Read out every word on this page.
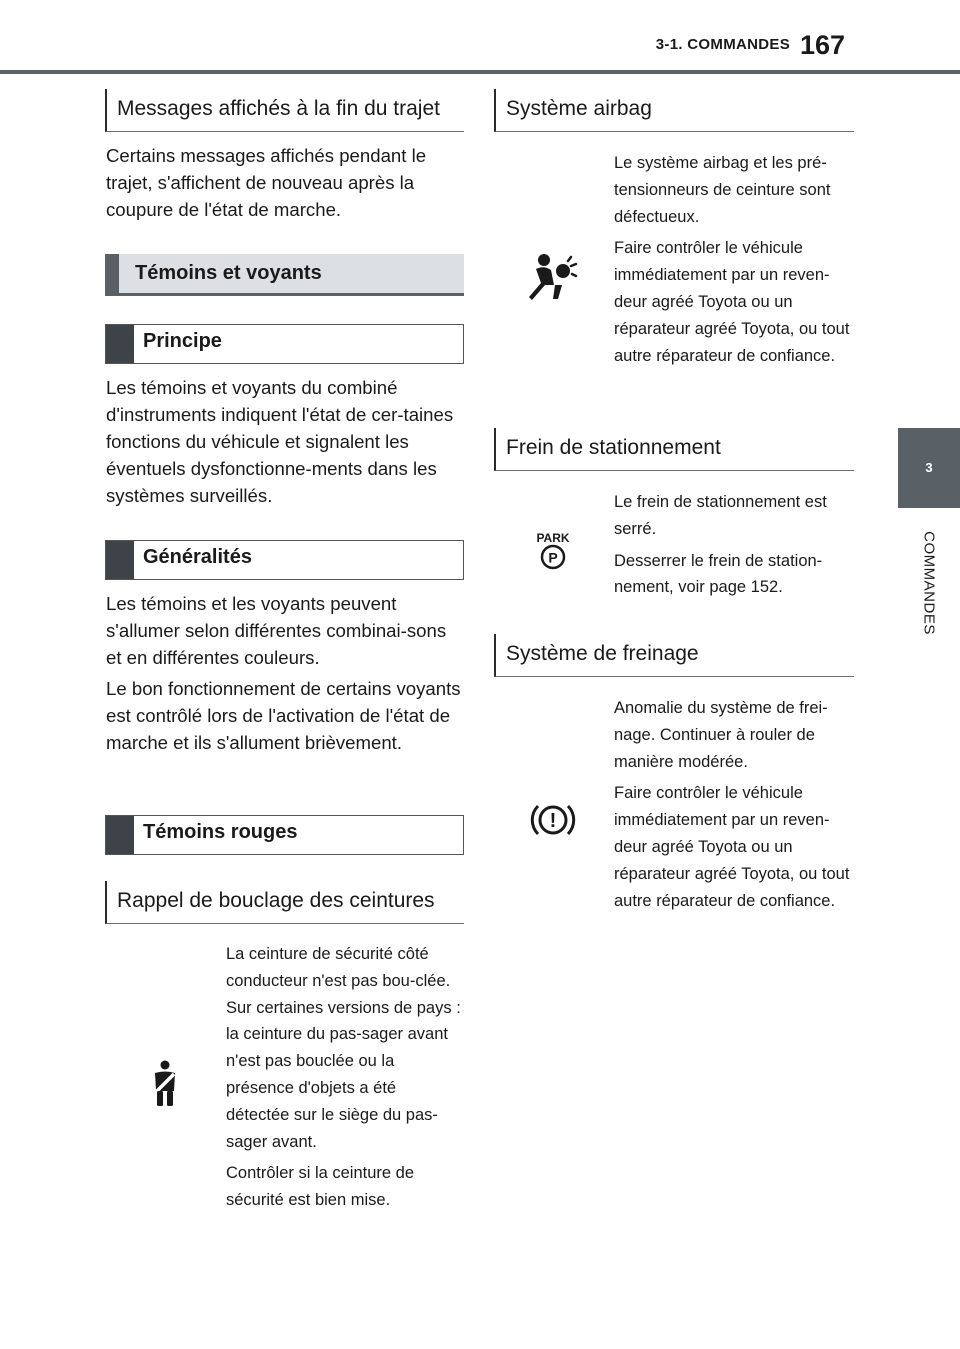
3-1. COMMANDES 167
3
COMMANDES
Messages affichés à la fin du trajet

Certains messages affichés pendant le trajet, s'affichent de nouveau après la coupure de l'état de marche.

Témoins et voyants
Principe

Les témoins et voyants du combiné d'instruments indiquent l'état de cer-taines fonctions du véhicule et signalent les éventuels dysfonctionne-ments dans les systèmes surveillés.

Généralités

Les témoins et les voyants peuvent s'allumer selon différentes combinai-sons et en différentes couleurs.

Le bon fonctionnement de certains voyants est contrôlé lors de l'activation de l'état de marche et ils s'allument brièvement.

Témoins rouges
Rappel de bouclage des ceintures

La ceinture de sécurité côté conducteur n'est pas bou-clée. Sur certaines versions de pays : la ceinture du pas-sager avant n'est pas bouclée ou la présence d'objets a été détectée sur le siège du pas-sager avant.

Contrôler si la ceinture de sécurité est bien mise.

Système airbag

Le système airbag et les pré-tensionneurs de ceinture sont défectueux.

Faire contrôler le véhicule immédiatement par un reven-deur agréé Toyota ou un réparateur agréé Toyota, ou tout autre réparateur de confiance.

Frein de stationnement
PARK
P

Le frein de stationnement est serré.

Desserrer le frein de station-nement, voir page 152.

Système de freinage
!

Anomalie du système de frei-nage. Continuer à rouler de manière modérée.

Faire contrôler le véhicule immédiatement par un reven-deur agréé Toyota ou un réparateur agréé Toyota, ou tout autre réparateur de confiance.
